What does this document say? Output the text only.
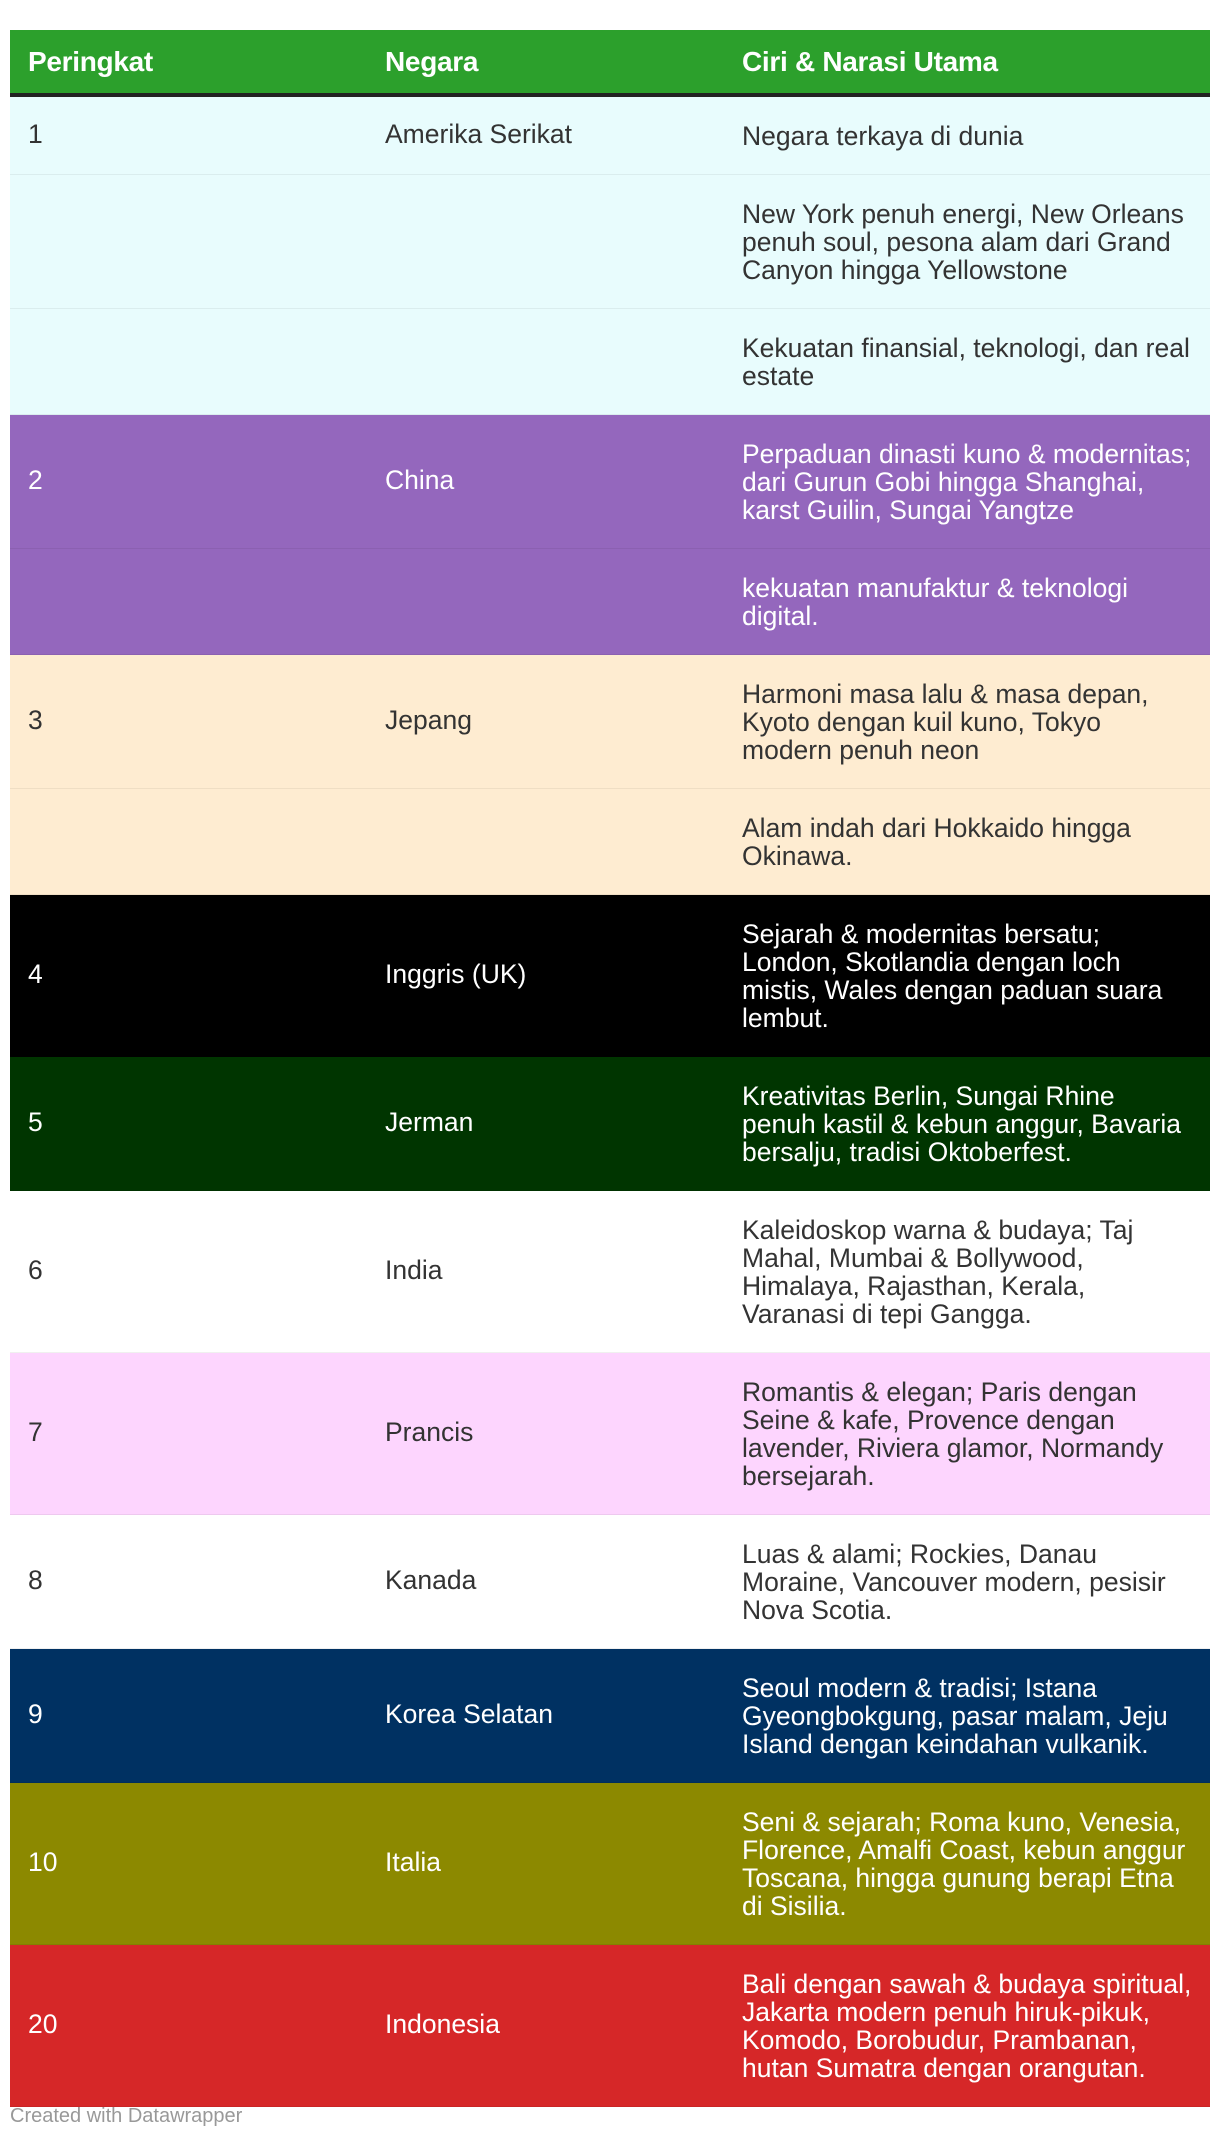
Peringkat	Negara	Ciri & Narasi Utama
1	Amerika Serikat	Negara terkaya di dunia
		New York penuh energi, New Orleans penuh soul, pesona alam dari Grand Canyon hingga Yellowstone
		Kekuatan finansial, teknologi, dan real estate
2	China	Perpaduan dinasti kuno & modernitas; dari Gurun Gobi hingga Shanghai, karst Guilin, Sungai Yangtze
		kekuatan manufaktur & teknologi digital.
3	Jepang	Harmoni masa lalu & masa depan, Kyoto dengan kuil kuno, Tokyo modern penuh neon
		Alam indah dari Hokkaido hingga Okinawa.
4	Inggris (UK)	Sejarah & modernitas bersatu; London, Skotlandia dengan loch mistis, Wales dengan paduan suara lembut.
5	Jerman	Kreativitas Berlin, Sungai Rhine penuh kastil & kebun anggur, Bavaria bersalju, tradisi Oktoberfest.
6	India	Kaleidoskop warna & budaya; Taj Mahal, Mumbai & Bollywood, Himalaya, Rajasthan, Kerala, Varanasi di tepi Gangga.
7	Prancis	Romantis & elegan; Paris dengan Seine & kafe, Provence dengan lavender, Riviera glamor, Normandy bersejarah.
8	Kanada	Luas & alami; Rockies, Danau Moraine, Vancouver modern, pesisir Nova Scotia.
9	Korea Selatan	Seoul modern & tradisi; Istana Gyeongbokgung, pasar malam, Jeju Island dengan keindahan vulkanik.
10	Italia	Seni & sejarah; Roma kuno, Venesia, Florence, Amalfi Coast, kebun anggur Toscana, hingga gunung berapi Etna di Sisilia.
20	Indonesia	Bali dengan sawah & budaya spiritual, Jakarta modern penuh hiruk-pikuk, Komodo, Borobudur, Prambanan, hutan Sumatra dengan orangutan.
Created with Datawrapper
